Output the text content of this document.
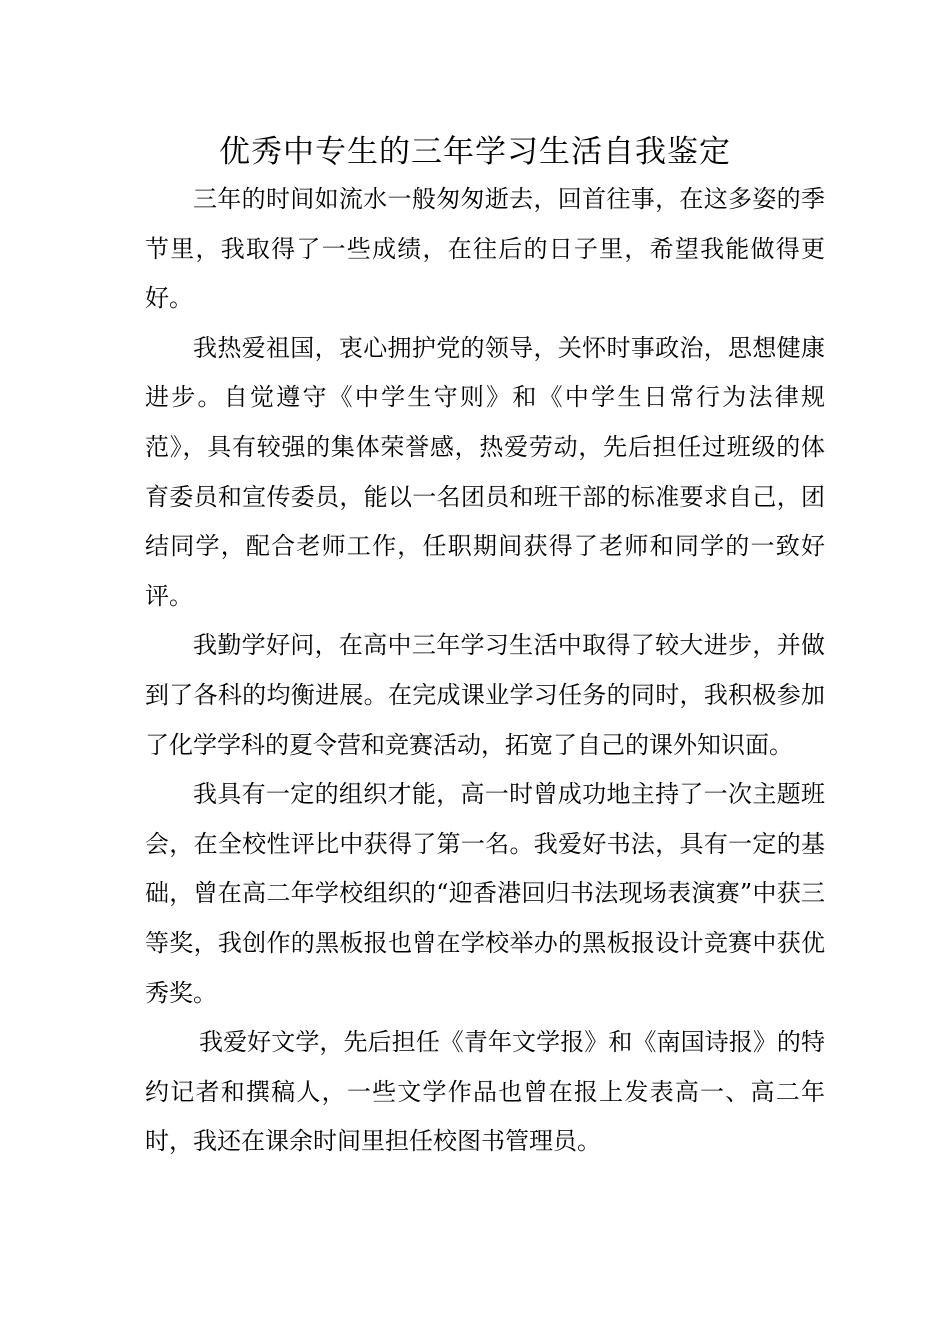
优秀中专生的三年学习生活自我鉴定

三年的时间如流水一般匆匆逝去，回首往事，在这多姿的季节里，我取得了一些成绩，在往后的日子里，希望我能做得更好。

我热爱祖国，衷心拥护党的领导，关怀时事政治，思想健康进步。自觉遵守《中学生守则》和《中学生日常行为法律规范》，具有较强的集体荣誉感，热爱劳动，先后担任过班级的体育委员和宣传委员，能以一名团员和班干部的标准要求自己，团结同学，配合老师工作，任职期间获得了老师和同学的一致好评。

我勤学好问，在高中三年学习生活中取得了较大进步，并做到了各科的均衡进展。在完成课业学习任务的同时，我积极参加了化学学科的夏令营和竞赛活动，拓宽了自己的课外知识面。

我具有一定的组织才能，高一时曾成功地主持了一次主题班会，在全校性评比中获得了第一名。我爱好书法，具有一定的基础，曾在高二年学校组织的“迎香港回归书法现场表演赛”中获三等奖，我创作的黑板报也曾在学校举办的黑板报设计竞赛中获优秀奖。

我爱好文学，先后担任《青年文学报》和《南国诗报》的特约记者和撰稿人，一些文学作品也曾在报上发表高一、高二年时，我还在课余时间里担任校图书管理员。
